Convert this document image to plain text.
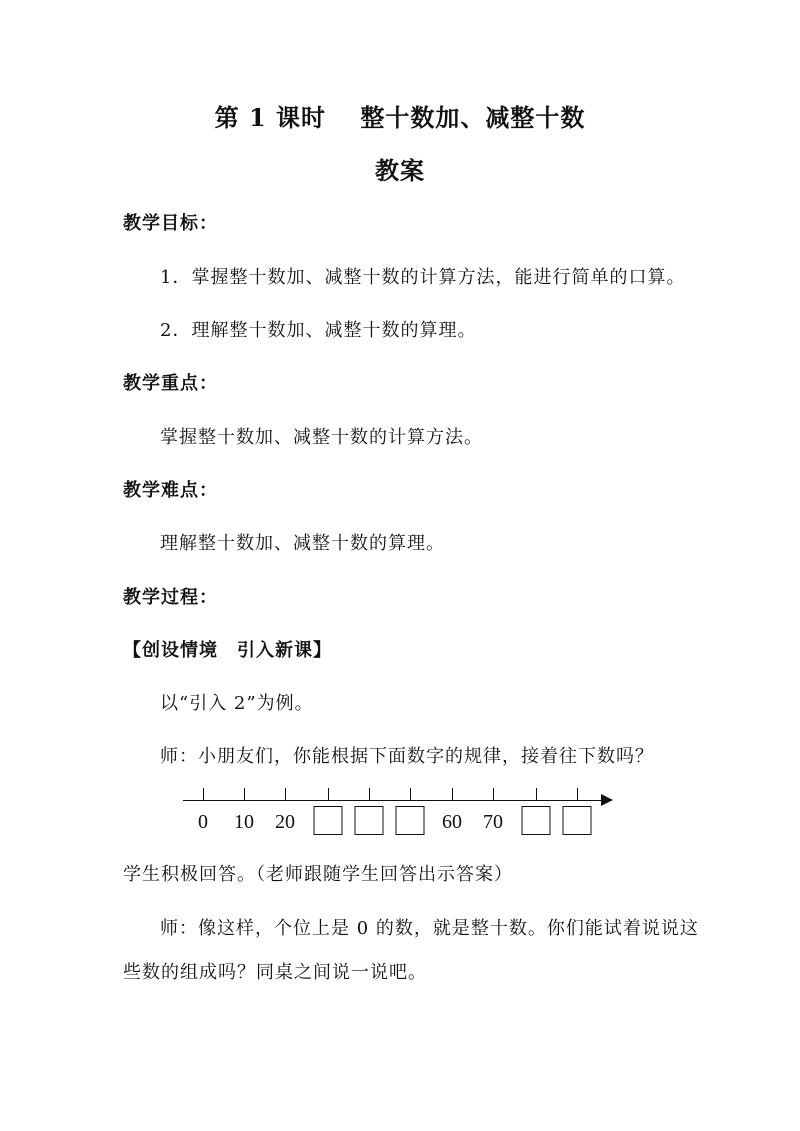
第 1 课时　 整十数加、减整十数
教案
教学目标：
1．掌握整十数加、减整十数的计算方法，能进行简单的口算。
2．理解整十数加、减整十数的算理。
教学重点：
掌握整十数加、减整十数的计算方法。
教学难点：
理解整十数加、减整十数的算理。
教学过程：
【创设情境　引入新课】
以“引入 2”为例。
师：小朋友们，你能根据下面数字的规律，接着往下数吗？
0 10 20	60 70
学生积极回答。（老师跟随学生回答出示答案）
师：像这样，个位上是 0 的数，就是整十数。你们能试着说说这
些数的组成吗？同桌之间说一说吧。
